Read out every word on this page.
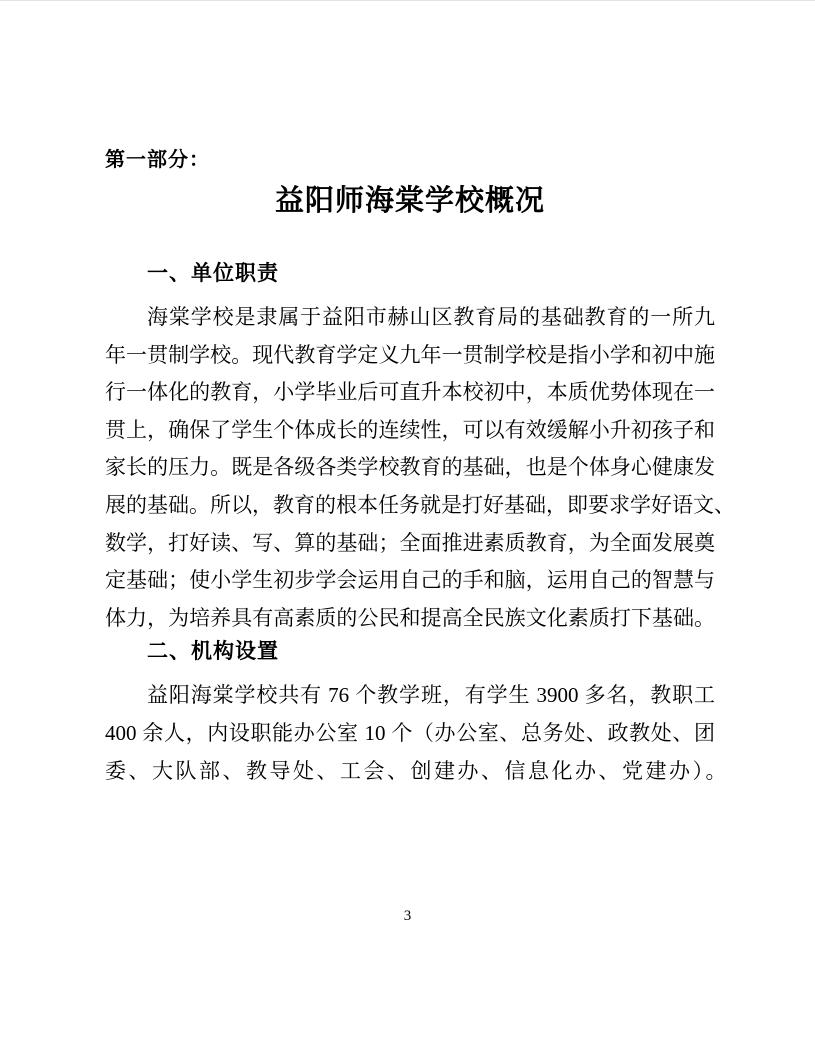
第一部分：
益阳师海棠学校概况
一、单位职责
海棠学校是隶属于益阳市赫山区教育局的基础教育的一所九
年一贯制学校。现代教育学定义九年一贯制学校是指小学和初中施
行一体化的教育，小学毕业后可直升本校初中，本质优势体现在一
贯上，确保了学生个体成长的连续性，可以有效缓解小升初孩子和
家长的压力。既是各级各类学校教育的基础，也是个体身心健康发
展的基础。所以，教育的根本任务就是打好基础，即要求学好语文、
数学，打好读、写、算的基础；全面推进素质教育，为全面发展奠
定基础；使小学生初步学会运用自己的手和脑，运用自己的智慧与
体力，为培养具有高素质的公民和提高全民族文化素质打下基础。
二、机构设置
益阳海棠学校共有 76 个教学班，有学生 3900 多名，教职工
400 余人，内设职能办公室 10 个（办公室、总务处、政教处、团
委、大队部、教导处、工会、创建办、信息化办、党建办）。
3
